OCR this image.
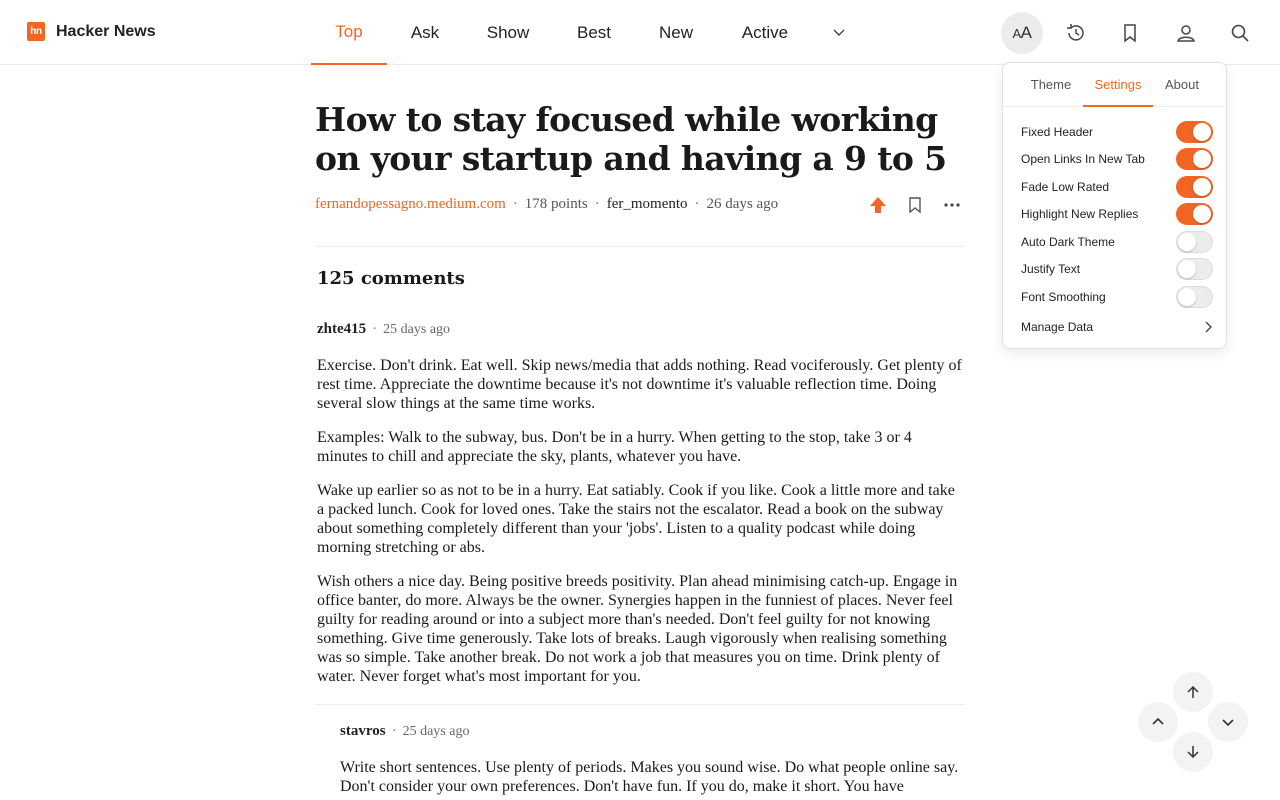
hn Hacker News	Top	Ask	Show	Best	New	Active	AA
How to stay focused while working on your startup and having a 9 to 5
fernandopessagno.medium.com · 178 points · fer_momento · 26 days ago
125 comments
zhte415 · 25 days ago

Exercise. Don't drink. Eat well. Skip news/media that adds nothing. Read vociferously. Get plenty of rest time. Appreciate the downtime because it's not downtime it's valuable reflection time. Doing several slow things at the same time works.

Examples: Walk to the subway, bus. Don't be in a hurry. When getting to the stop, take 3 or 4 minutes to chill and appreciate the sky, plants, whatever you have.

Wake up earlier so as not to be in a hurry. Eat satiably. Cook if you like. Cook a little more and take a packed lunch. Cook for loved ones. Take the stairs not the escalator. Read a book on the subway about something completely different than your 'jobs'. Listen to a quality podcast while doing morning stretching or abs.

Wish others a nice day. Being positive breeds positivity. Plan ahead minimising catch-up. Engage in office banter, do more. Always be the owner. Synergies happen in the funniest of places. Never feel guilty for reading around or into a subject more than's needed. Don't feel guilty for not knowing something. Give time generously. Take lots of breaks. Laugh vigorously when realising something was so simple. Take another break. Do not work a job that measures you on time. Drink plenty of water. Never forget what's most important for you.

stavros · 25 days ago

Write short sentences. Use plenty of periods. Makes you sound wise. Do what people online say. Don't consider your own preferences. Don't have fun. If you do, make it short. You have

Theme	Settings	About
Fixed Header
Open Links In New Tab
Fade Low Rated
Highlight New Replies
Auto Dark Theme
Justify Text
Font Smoothing
Manage Data
